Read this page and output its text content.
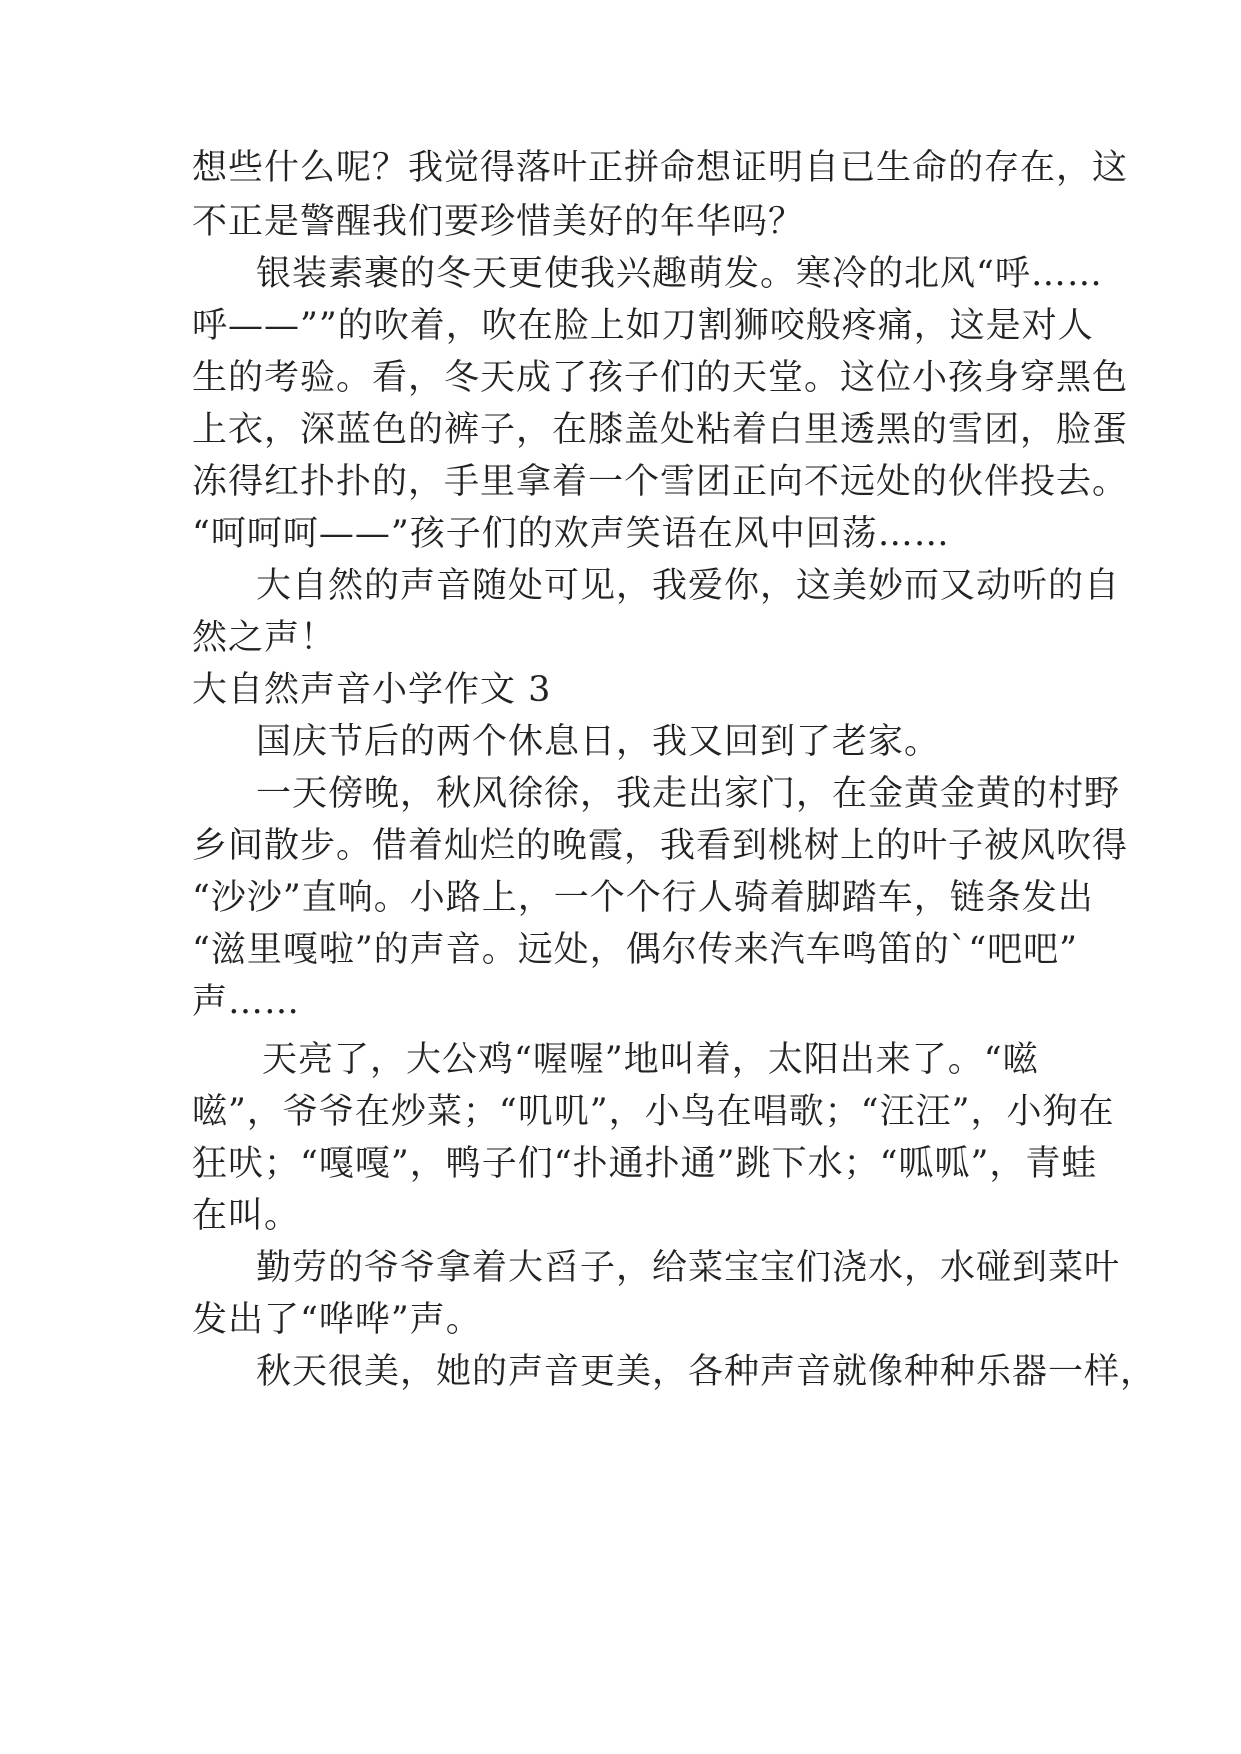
想些什么呢？我觉得落叶正拼命想证明自已生命的存在，这
不正是警醒我们要珍惜美好的年华吗？
银装素裹的冬天更使我兴趣萌发。寒冷的北风“呼……
呼——””的吹着，吹在脸上如刀割狮咬般疼痛，这是对人
生的考验。看，冬天成了孩子们的天堂。这位小孩身穿黑色
上衣，深蓝色的裤子，在膝盖处粘着白里透黑的雪团，脸蛋
冻得红扑扑的，手里拿着一个雪团正向不远处的伙伴投去。
“呵呵呵——”孩子们的欢声笑语在风中回荡……
大自然的声音随处可见，我爱你，这美妙而又动听的自
然之声！
大自然声音小学作文 3
国庆节后的两个休息日，我又回到了老家。
一天傍晚，秋风徐徐，我走出家门，在金黄金黄的村野
乡间散步。借着灿烂的晚霞，我看到桃树上的叶子被风吹得
“沙沙”直响。小路上，一个个行人骑着脚踏车，链条发出
“滋里嘎啦”的声音。远处，偶尔传来汽车鸣笛的`“吧吧”
声……
天亮了，大公鸡“喔喔”地叫着，太阳出来了。“嗞
嗞”，爷爷在炒菜；“叽叽”，小鸟在唱歌；“汪汪”，小狗在
狂吠；“嘎嘎”，鸭子们“扑通扑通”跳下水；“呱呱”，青蛙
在叫。
勤劳的爷爷拿着大舀子，给菜宝宝们浇水，水碰到菜叶
发出了“哗哗”声。
秋天很美，她的声音更美，各种声音就像种种乐器一样，
